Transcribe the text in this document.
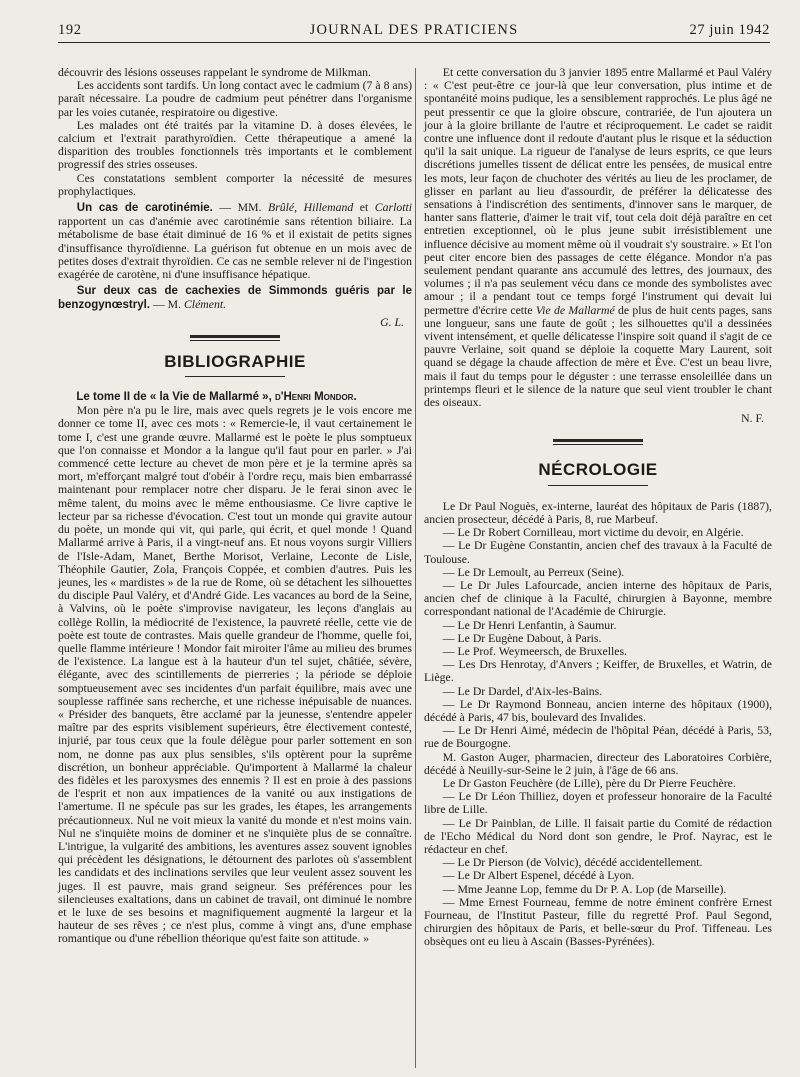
192	JOURNAL DES PRATICIENS	27 juin 1942

découvrir des lésions osseuses rappelant le syndrome de Milkman.

Les accidents sont tardifs. Un long contact avec le cadmium (7 à 8 ans) paraît nécessaire. La poudre de cadmium peut pénétrer dans l'organisme par les voies cutanée, respiratoire ou digestive.

Les malades ont été traités par la vitamine D. à doses élevées, le calcium et l'extrait parathyroïdien. Cette thérapeutique a amené la disparition des troubles fonctionnels très importants et le comblement progressif des stries osseuses.

Ces constatations semblent comporter la nécessité de mesures prophylactiques.

Un cas de carotinémie. — MM. Brûlé, Hillemand et Carlotti rapportent un cas d'anémie avec carotinémie sans rétention biliaire. La métabolisme de base était diminué de 16 % et il existait de petits signes d'insuffisance thyroïdienne. La guérison fut obtenue en un mois avec de petites doses d'extrait thyroïdien. Ce cas ne semble relever ni de l'ingestion exagérée de carotène, ni d'une insuffisance hépatique.

Sur deux cas de cachexies de Simmonds guéris par le benzogynœstryl. — M. Clément.

G. L.

BIBLIOGRAPHIE

Le tome II de « la Vie de Mallarmé », d'Henri Mondor.

Mon père n'a pu le lire, mais avec quels regrets je le vois encore me donner ce tome II, avec ces mots : « Remercie-le, il vaut certainement le tome I, c'est une grande œuvre. Mallarmé est le poète le plus somptueux que l'on connaisse et Mondor a la langue qu'il faut pour en parler. » J'ai commencé cette lecture au chevet de mon père et je la termine après sa mort, m'efforçant malgré tout d'obéir à l'ordre reçu, mais bien embarrassé maintenant pour remplacer notre cher disparu. Je le ferai sinon avec le même talent, du moins avec le même enthousiasme. Ce livre captive le lecteur par sa richesse d'évocation. C'est tout un monde qui gravite autour du poète, un monde qui vit, qui parle, qui écrit, et quel monde ! Quand Mallarmé arrive à Paris, il a vingt-neuf ans. Et nous voyons surgir Villiers de l'Isle-Adam, Manet, Berthe Morisot, Verlaine, Leconte de Lisle, Théophile Gautier, Zola, François Coppée, et combien d'autres. Puis les jeunes, les « mardistes » de la rue de Rome, où se détachent les silhouettes du disciple Paul Valéry, et d'André Gide. Les vacances au bord de la Seine, à Valvins, où le poète s'improvise navigateur, les leçons d'anglais au collège Rollin, la médiocrité de l'existence, la pauvreté réelle, cette vie de poète est toute de contrastes. Mais quelle grandeur de l'homme, quelle foi, quelle flamme intérieure ! Mondor fait miroiter l'âme au milieu des brumes de l'existence. La langue est à la hauteur d'un tel sujet, châtiée, sévère, élégante, avec des scintillements de pierreries ; la période se déploie somptueusement avec ses incidentes d'un parfait équilibre, mais avec une souplesse raffinée sans recherche, et une richesse inépuisable de nuances. « Présider des banquets, être acclamé par la jeunesse, s'entendre appeler maître par des esprits visiblement supérieurs, être électivement contesté, injurié, par tous ceux que la foule délègue pour parler sottement en son nom, ne donne pas aux plus sensibles, s'ils optèrent pour la suprême discrétion, un bonheur appréciable. Qu'importent à Mallarmé la chaleur des fidèles et les paroxysmes des ennemis ? Il est en proie à des passions de l'esprit et non aux impatiences de la vanité ou aux instigations de l'amertume. Il ne spécule pas sur les grades, les étapes, les arrangements précautionneux. Nul ne voit mieux la vanité du monde et n'est moins vain. Nul ne s'inquiète moins de dominer et ne s'inquiète plus de se connaître. L'intrigue, la vulgarité des ambitions, les aventures assez souvent ignobles qui précèdent les désignations, le détournent des parlotes où s'assemblent les candidats et des inclinations serviles que leur veulent assez souvent les juges. Il est pauvre, mais grand seigneur. Ses préférences pour les silencieuses exaltations, dans un cabinet de travail, ont diminué le nombre et le luxe de ses besoins et magnifiquement augmenté la largeur et la hauteur de ses rêves ; ce n'est plus, comme à vingt ans, d'une emphase romantique ou d'une rébellion théorique qu'est faite son attitude. »

Et cette conversation du 3 janvier 1895 entre Mallarmé et Paul Valéry : « C'est peut-être ce jour-là que leur conversation, plus intime et de spontanéité moins pudique, les a sensiblement rapprochés. Le plus âgé ne peut pressentir ce que la gloire obscure, contrariée, de l'un ajoutera un jour à la gloire brillante de l'autre et réciproquement. Le cadet se raidit contre une influence dont il redoute d'autant plus le risque et la séduction qu'il la sait unique. La rigueur de l'analyse de leurs esprits, ce que leurs discrétions jumelles tissent de délicat entre les pensées, de musical entre les mots, leur façon de chuchoter des vérités au lieu de les proclamer, de glisser en parlant au lieu d'assourdir, de préférer la délicatesse des sensations à l'indiscrétion des sentiments, d'innover sans le marquer, de hanter sans flatterie, d'aimer le trait vif, tout cela doit déjà paraître en cet entretien exceptionnel, où le plus jeune subit irrésistiblement une influence décisive au moment même où il voudrait s'y soustraire. » Et l'on peut citer encore bien des passages de cette élégance. Mondor n'a pas seulement pendant quarante ans accumulé des lettres, des journaux, des volumes ; il n'a pas seulement vécu dans ce monde des symbolistes avec amour ; il a pendant tout ce temps forgé l'instrument qui devait lui permettre d'écrire cette Vie de Mallarmé de plus de huit cents pages, sans une longueur, sans une faute de goût ; les silhouettes qu'il a dessinées vivent intensément, et quelle délicatesse l'inspire soit quand il s'agit de ce pauvre Verlaine, soit quand se déploie la coquette Mary Laurent, soit quand se dégage la chaude affection de mère et Ève. C'est un beau livre, mais il faut du temps pour le déguster : une terrasse ensoleillée dans un printemps fleuri et le silence de la nature que seul vient troubler le chant des oiseaux.

N. F.

NÉCROLOGIE

Le Dr Paul Noguès, ex-interne, lauréat des hôpitaux de Paris (1887), ancien prosecteur, décédé à Paris, 8, rue Marbeuf.

— Le Dr Robert Cornilleau, mort victime du devoir, en Algérie.

— Le Dr Eugène Constantin, ancien chef des travaux à la Faculté de Toulouse.

— Le Dr Lemoult, au Perreux (Seine).

— Le Dr Jules Lafourcade, ancien interne des hôpitaux de Paris, ancien chef de clinique à la Faculté, chirurgien à Bayonne, membre correspondant national de l'Académie de Chirurgie.

— Le Dr Henri Lenfantin, à Saumur.

— Le Dr Eugène Dabout, à Paris.

— Le Prof. Weymeersch, de Bruxelles.

— Les Drs Henrotay, d'Anvers ; Keiffer, de Bruxelles, et Watrin, de Liège.

— Le Dr Dardel, d'Aix-les-Bains.

— Le Dr Raymond Bonneau, ancien interne des hôpitaux (1900), décédé à Paris, 47 bis, boulevard des Invalides.

— Le Dr Henri Aimé, médecin de l'hôpital Péan, décédé à Paris, 53, rue de Bourgogne.

M. Gaston Auger, pharmacien, directeur des Laboratoires Corbière, décédé à Neuilly-sur-Seine le 2 juin, à l'âge de 66 ans.

Le Dr Gaston Feuchère (de Lille), père du Dr Pierre Feuchère.

— Le Dr Léon Thilliez, doyen et professeur honoraire de la Faculté libre de Lille.

— Le Dr Painblan, de Lille. Il faisait partie du Comité de rédaction de l'Echo Médical du Nord dont son gendre, le Prof. Nayrac, est le rédacteur en chef.

— Le Dr Pierson (de Volvic), décédé accidentellement.

— Le Dr Albert Espenel, décédé à Lyon.

— Mme Jeanne Lop, femme du Dr P. A. Lop (de Marseille).

— Mme Ernest Fourneau, femme de notre éminent confrère Ernest Fourneau, de l'Institut Pasteur, fille du regretté Prof. Paul Segond, chirurgien des hôpitaux de Paris, et belle-sœur du Prof. Tiffeneau. Les obsèques ont eu lieu à Ascain (Basses-Pyrénées).
